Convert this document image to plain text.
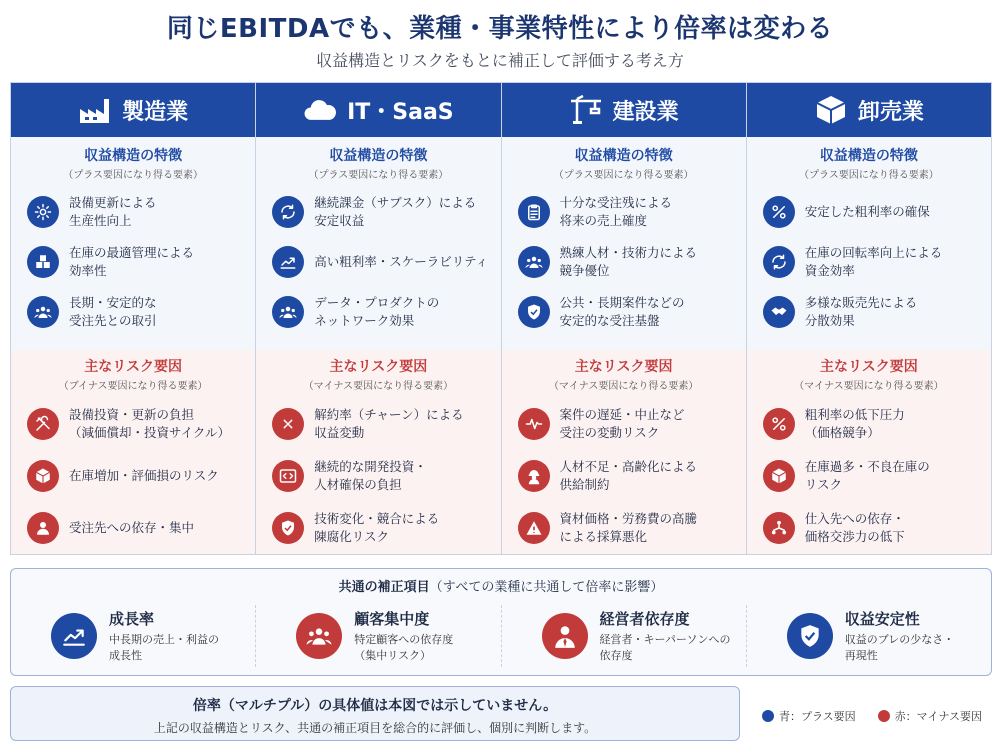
同じEBITDAでも、業種・事業特性により倍率は変わる
収益構造とリスクをもとに補正して評価する考え方
製造業
収益構造の特徴
（プラス要因になり得る要素）
設備更新による
生産性向上
在庫の最適管理による
効率性
長期・安定的な
受注先との取引
主なリスク要因
（ブイナス要因になり得る要素）
設備投資・更新の負担
（減価償却・投資サイクル）
在庫増加・評価損のリスク
受注先への依存・集中
IT・SaaS
収益構造の特徴
（プラス要因になり得る要素）
継続課金（サブスク）による
安定収益
高い粗利率・スケーラビリティ
データ・プロダクトの
ネットワーク効果
主なリスク要因
（マイナス要因になり得る要素）
解約率（チャーン）による
収益変動
継続的な開発投資・
人材確保の負担
技術変化・競合による
陳腐化リスク
建設業
収益構造の特徴
（プラス要因になり得る要素）
十分な受注残による
将来の売上確度
熟練人材・技術力による
競争優位
公共・長期案件などの
安定的な受注基盤
主なリスク要因
（マイナス要因になり得る要素）
案件の遅延・中止など
受注の変動リスク
人材不足・高齢化による
供給制約
資材価格・労務費の高騰
による採算悪化
卸売業
収益構造の特徴
（プラス要因になり得る要素）
安定した粗利率の確保
在庫の回転率向上による
資金効率
多様な販売先による
分散効果
主なリスク要因
（マイナス要因になり得る要素）
粗利率の低下圧力
（価格競争）
在庫過多・不良在庫の
リスク
仕入先への依存・
価格交渉力の低下
共通の補正項目（すべての業種に共通して倍率に影響）
成長率
中長期の売上・利益の
成長性
顧客集中度
特定顧客への依存度
（集中リスク）
経営者依存度
経営者・キーパーソンへの
依存度
収益安定性
収益のブレの少なさ・
再現性
倍率（マルチプル）の具体値は本図では示していません。
上記の収益構造とリスク、共通の補正項目を総合的に評価し、個別に判断します。
青：プラス要因	赤：マイナス要因
